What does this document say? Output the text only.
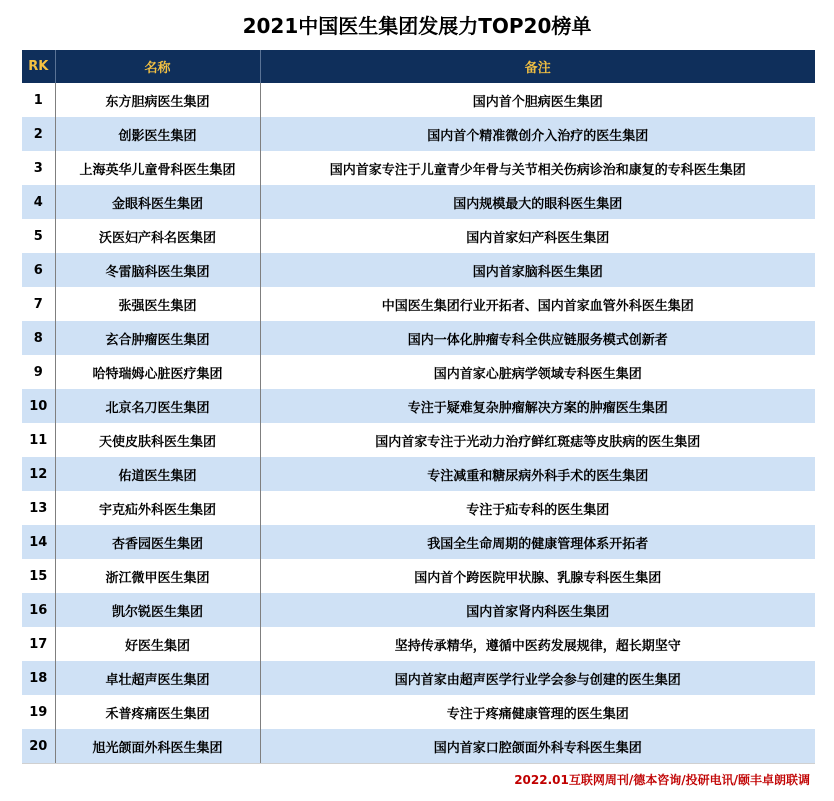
2021中国医生集团发展力TOP20榜单
RK	名称	备注
1	东方胆病医生集团	国内首个胆病医生集团
2	创影医生集团	国内首个精准微创介入治疗的医生集团
3	上海英华儿童骨科医生集团	国内首家专注于儿童青少年骨与关节相关伤病诊治和康复的专科医生集团
4	金眼科医生集团	国内规模最大的眼科医生集团
5	沃医妇产科名医集团	国内首家妇产科医生集团
6	冬雷脑科医生集团	国内首家脑科医生集团
7	张强医生集团	中国医生集团行业开拓者、国内首家血管外科医生集团
8	玄合肿瘤医生集团	国内一体化肿瘤专科全供应链服务模式创新者
9	哈特瑞姆心脏医疗集团	国内首家心脏病学领域专科医生集团
10	北京名刀医生集团	专注于疑难复杂肿瘤解决方案的肿瘤医生集团
11	天使皮肤科医生集团	国内首家专注于光动力治疗鲜红斑痣等皮肤病的医生集团
12	佑道医生集团	专注减重和糖尿病外科手术的医生集团
13	宇克疝外科医生集团	专注于疝专科的医生集团
14	杏香园医生集团	我国全生命周期的健康管理体系开拓者
15	浙江微甲医生集团	国内首个跨医院甲状腺、乳腺专科医生集团
16	凯尔锐医生集团	国内首家肾内科医生集团
17	好医生集团	坚持传承精华，遵循中医药发展规律，超长期坚守
18	卓壮超声医生集团	国内首家由超声医学行业学会参与创建的医生集团
19	禾普疼痛医生集团	专注于疼痛健康管理的医生集团
20	旭光颌面外科医生集团	国内首家口腔颌面外科专科医生集团
2022.01互联网周刊/德本咨询/投研电讯/颐丰卓朗联调
